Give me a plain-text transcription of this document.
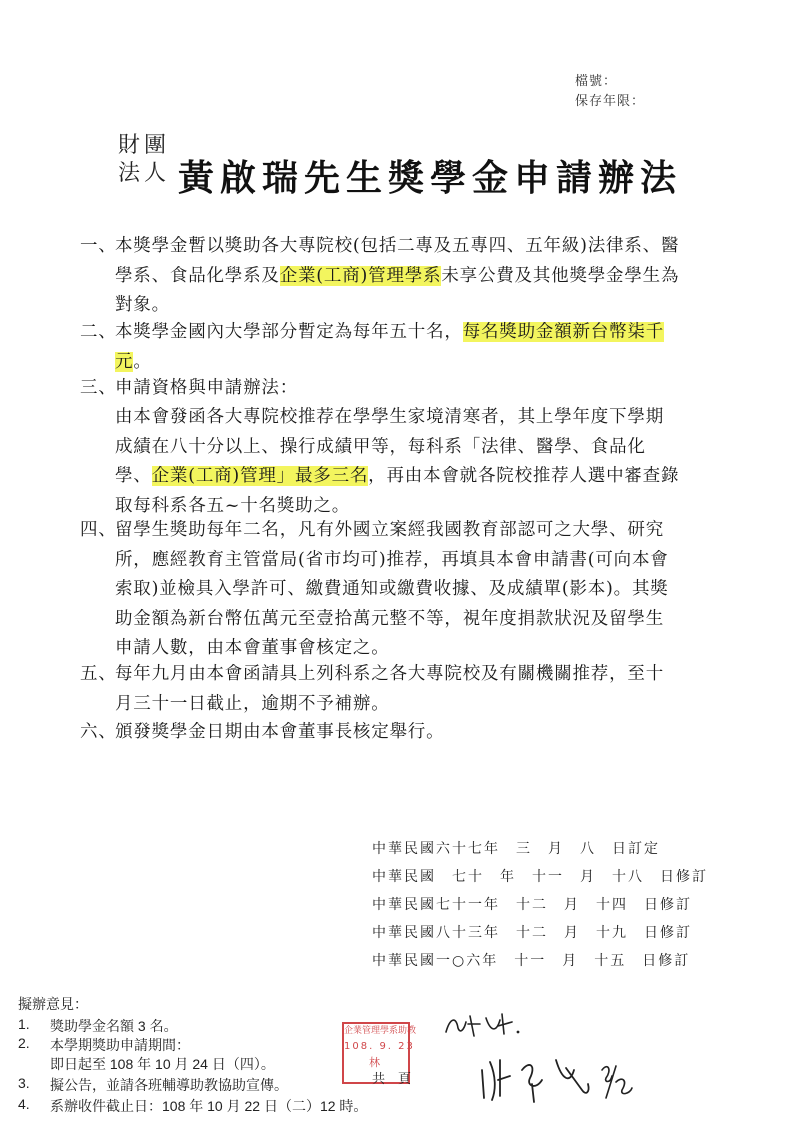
檔號：
保存年限：
財團
法人 黃啟瑞先生獎學金申請辦法
一、
本獎學金暫以獎助各大專院校(包括二專及五專四、五年級)法律系、醫學系、食品化學系及企業(工商)管理學系未享公費及其他獎學金學生為對象。
二、
本獎學金國內大學部分暫定為每年五十名，每名獎助金額新台幣柒千元。
三、
申請資格與申請辦法：
由本會發函各大專院校推荐在學學生家境清寒者，其上學年度下學期成績在八十分以上、操行成績甲等，每科系「法律、醫學、食品化學、企業(工商)管理」最多三名，再由本會就各院校推荐人選中審查錄取每科系各五~十名獎助之。
四、
留學生獎助每年二名，凡有外國立案經我國教育部認可之大學、研究所，應經教育主管當局(省市均可)推荐，再填具本會申請書(可向本會索取)並檢具入學許可、繳費通知或繳費收據、及成績單(影本)。其獎助金額為新台幣伍萬元至壹拾萬元整不等，視年度捐款狀況及留學生申請人數，由本會董事會核定之。
五、
每年九月由本會函請具上列科系之各大專院校及有關機關推荐，至十月三十一日截止，逾期不予補辦。
六、
頒發獎學金日期由本會董事長核定舉行。
中華民國六十七年　三　月　八　日訂定
中華民國　七十　年　十一　月　十八　日修訂
中華民國七十一年　十二　月　十四　日修訂
中華民國八十三年　十二　月　十九　日修訂
中華民國一○六年　十一　月　十五　日修訂
擬辦意見：
1. 獎助學金名額 3 名。
2. 本學期獎助申請期間：
即日起至 108 年 10 月 24 日（四）。
3. 擬公告，並請各班輔導助教協助宣傳。
4. 系辦收件截止日：108 年 10 月 22 日（二）12 時。
企業管理學系助教
108. 9. 23
林
共　頁
